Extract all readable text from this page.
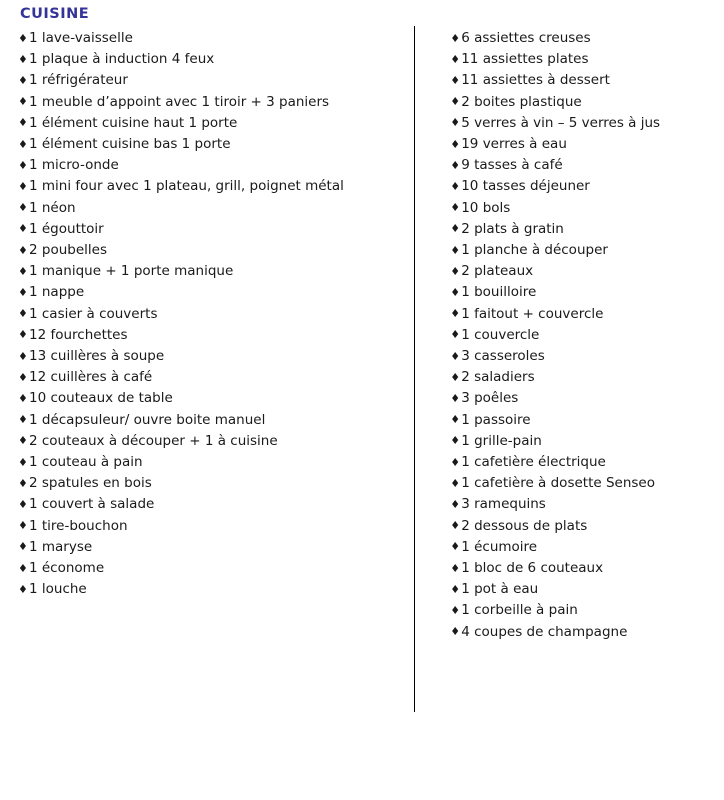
CUISINE
♦ 1 lave-vaisselle
♦ 1 plaque à induction 4 feux
♦ 1 réfrigérateur
♦ 1 meuble d’appoint avec 1 tiroir + 3 paniers
♦ 1 élément cuisine haut 1 porte
♦ 1 élément cuisine bas 1 porte
♦ 1 micro-onde
♦ 1 mini four avec 1 plateau, grill, poignet métal
♦ 1 néon
♦ 1 égouttoir
♦ 2 poubelles
♦ 1 manique + 1 porte manique
♦ 1 nappe
♦ 1 casier à couverts
♦ 12 fourchettes
♦ 13 cuillères à soupe
♦ 12 cuillères à café
♦ 10 couteaux de table
♦ 1 décapsuleur/ ouvre boite manuel
♦ 2 couteaux à découper + 1 à cuisine
♦ 1 couteau à pain
♦ 2 spatules en bois
♦ 1 couvert à salade
♦ 1 tire-bouchon
♦ 1 maryse
♦ 1 économe
♦ 1 louche
♦ 6 assiettes creuses
♦ 11 assiettes plates
♦ 11 assiettes à dessert
♦ 2 boites plastique
♦ 5 verres à vin – 5 verres à jus
♦ 19 verres à eau
♦ 9 tasses à café
♦ 10 tasses déjeuner
♦ 10 bols
♦ 2 plats à gratin
♦ 1 planche à découper
♦ 2 plateaux
♦ 1 bouilloire
♦ 1 faitout + couvercle
♦ 1 couvercle
♦ 3 casseroles
♦ 2 saladiers
♦ 3 poêles
♦ 1 passoire
♦ 1 grille-pain
♦ 1 cafetière électrique
♦ 1 cafetière à dosette Senseo
♦ 3 ramequins
♦ 2 dessous de plats
♦ 1 écumoire
♦ 1 bloc de 6 couteaux
♦ 1 pot à eau
♦ 1 corbeille à pain
♦ 4 coupes de champagne
